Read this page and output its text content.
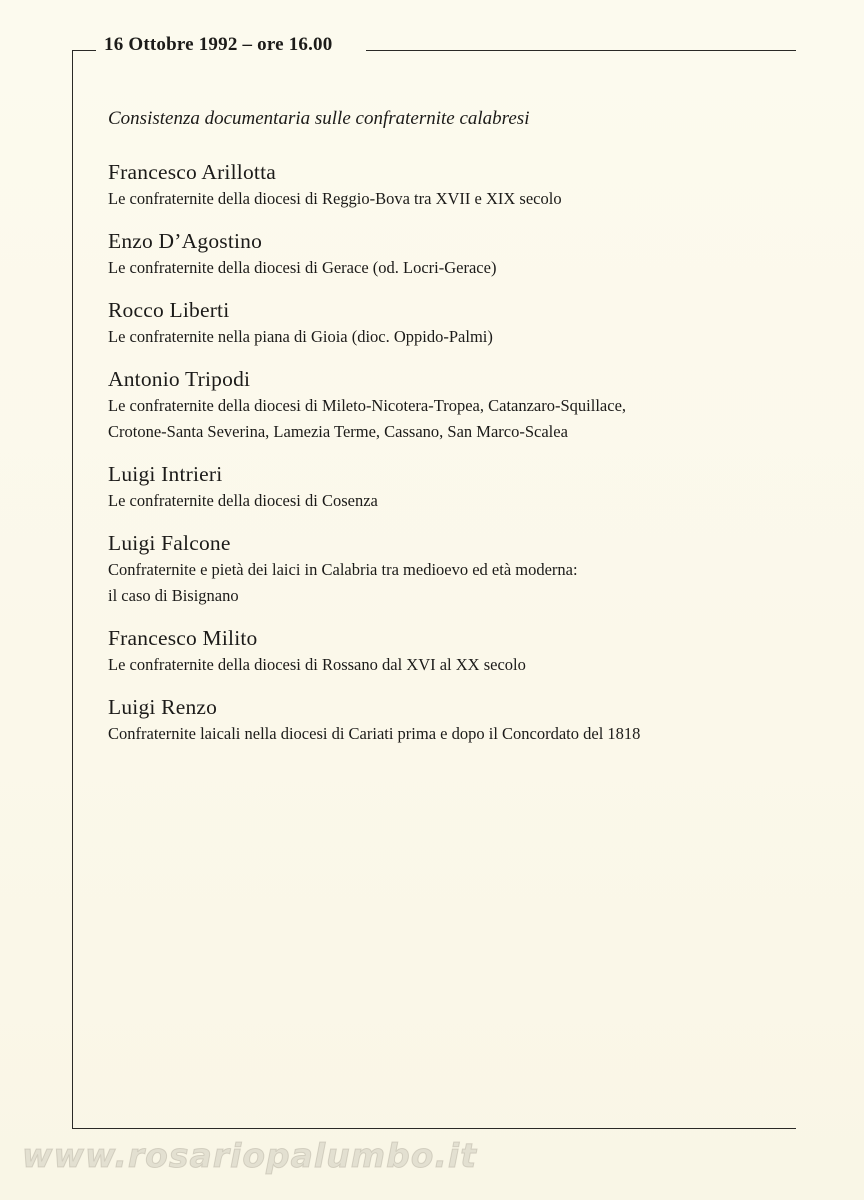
16 Ottobre 1992 – ore 16.00
Consistenza documentaria sulle confraternite calabresi
Francesco Arillotta
Le confraternite della diocesi di Reggio-Bova tra XVII e XIX secolo
Enzo D’Agostino
Le confraternite della diocesi di Gerace (od. Locri-Gerace)
Rocco Liberti
Le confraternite nella piana di Gioia (dioc. Oppido-Palmi)
Antonio Tripodi
Le confraternite della diocesi di Mileto-Nicotera-Tropea, Catanzaro-Squillace,
Crotone-Santa Severina, Lamezia Terme, Cassano, San Marco-Scalea
Luigi Intrieri
Le confraternite della diocesi di Cosenza
Luigi Falcone
Confraternite e pietà dei laici in Calabria tra medioevo ed età moderna:
il caso di Bisignano
Francesco Milito
Le confraternite della diocesi di Rossano dal XVI al XX secolo
Luigi Renzo
Confraternite laicali nella diocesi di Cariati prima e dopo il Concordato del 1818
www.rosariopalumbo.it
